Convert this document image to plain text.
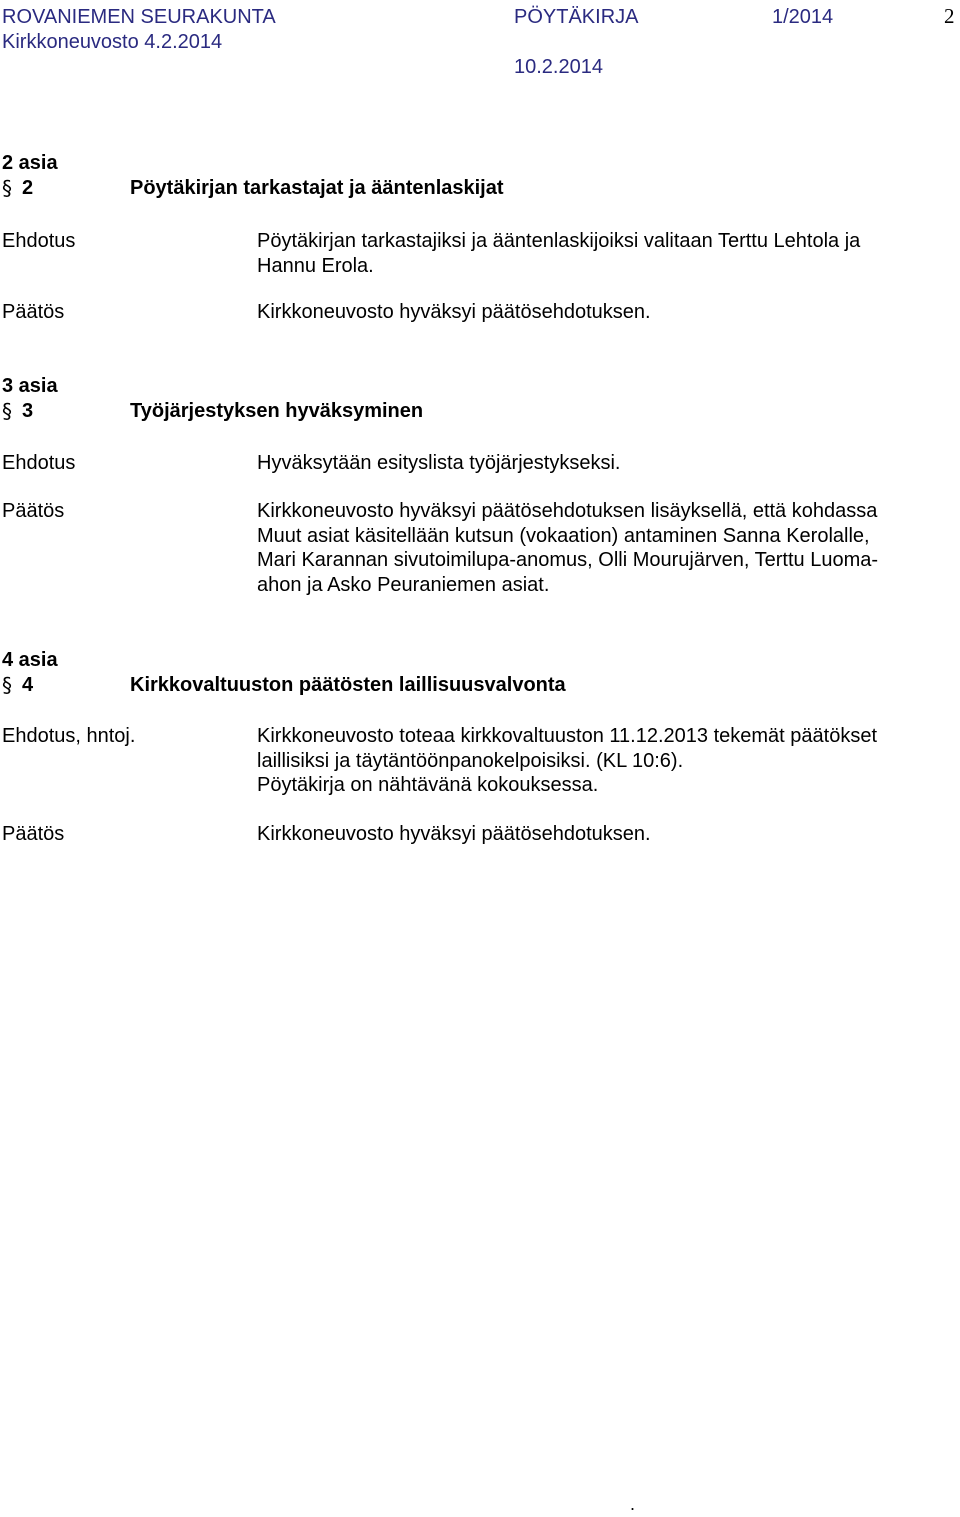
ROVANIEMEN SEURAKUNTA	PÖYTÄKIRJA	1/2014	2
Kirkkoneuvosto 4.2.2014
10.2.2014
2 asia
§ 2	Pöytäkirjan tarkastajat ja ääntenlaskijat
Ehdotus	Pöytäkirjan tarkastajiksi ja ääntenlaskijoiksi valitaan Terttu Lehtola ja
Hannu Erola.
Päätös	Kirkkoneuvosto hyväksyi päätösehdotuksen.
3 asia
§ 3	Työjärjestyksen hyväksyminen
Ehdotus	Hyväksytään esityslista työjärjestykseksi.
Päätös	Kirkkoneuvosto hyväksyi päätösehdotuksen lisäyksellä, että kohdassa
Muut asiat käsitellään kutsun (vokaation) antaminen Sanna Kerolalle,
Mari Karannan sivutoimilupa-anomus, Olli Mourujärven, Terttu Luoma-
ahon ja Asko Peuraniemen asiat.
4 asia
§ 4	Kirkkovaltuuston päätösten laillisuusvalvonta
Ehdotus, hntoj.	Kirkkoneuvosto toteaa kirkkovaltuuston 11.12.2013 tekemät päätökset
laillisiksi ja täytäntöönpanokelpoisiksi. (KL 10:6).
Pöytäkirja on nähtävänä kokouksessa.
Päätös	Kirkkoneuvosto hyväksyi päätösehdotuksen.
.
